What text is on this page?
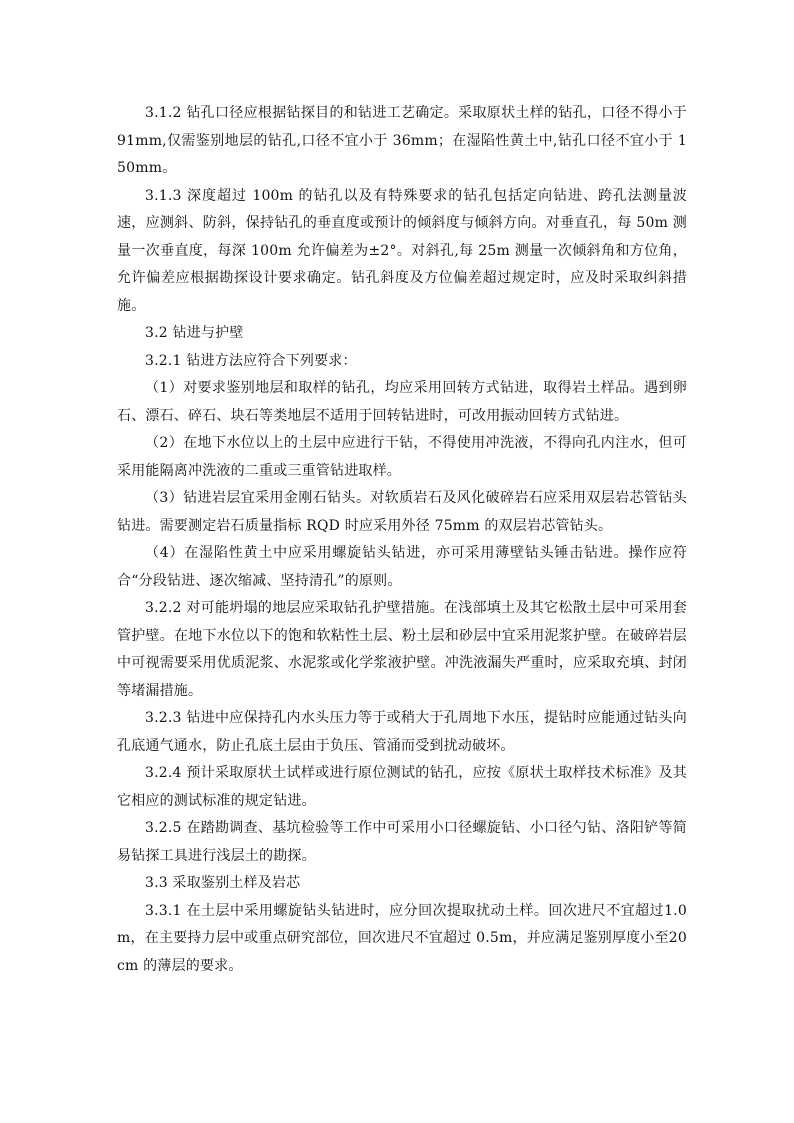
3.1.2 钻孔口径应根据钻探目的和钻进工艺确定。采取原状土样的钻孔，口径不得小于91mm,仅需鉴别地层的钻孔,口径不宜小于 36mm；在湿陷性黄土中,钻孔口径不宜小于 150mm。

3.1.3 深度超过 100m 的钻孔以及有特殊要求的钻孔包括定向钻进、跨孔法测量波速，应测斜、防斜，保持钻孔的垂直度或预计的倾斜度与倾斜方向。对垂直孔，每 50m 测量一次垂直度，每深 100m 允许偏差为±2°。对斜孔,每 25m 测量一次倾斜角和方位角，允许偏差应根据勘探设计要求确定。钻孔斜度及方位偏差超过规定时，应及时采取纠斜措施。

3.2 钻进与护壁

3.2.1 钻进方法应符合下列要求：

（1）对要求鉴别地层和取样的钻孔，均应采用回转方式钻进，取得岩土样品。遇到卵石、漂石、碎石、块石等类地层不适用于回转钻进时，可改用振动回转方式钻进。

（2）在地下水位以上的土层中应进行干钻，不得使用冲洗液，不得向孔内注水，但可采用能隔离冲洗液的二重或三重管钻进取样。

（3）钻进岩层宜采用金刚石钻头。对软质岩石及风化破碎岩石应采用双层岩芯管钻头钻进。需要测定岩石质量指标 RQD 时应采用外径 75mm 的双层岩芯管钻头。

（4）在湿陷性黄土中应采用螺旋钻头钻进，亦可采用薄壁钻头锤击钻进。操作应符合“分段钻进、逐次缩减、坚持清孔”的原则。

3.2.2 对可能坍塌的地层应采取钻孔护壁措施。在浅部填土及其它松散土层中可采用套管护壁。在地下水位以下的饱和软粘性土层、粉土层和砂层中宜采用泥浆护壁。在破碎岩层中可视需要采用优质泥浆、水泥浆或化学浆液护壁。冲洗液漏失严重时，应采取充填、封闭等堵漏措施。

3.2.3 钻进中应保持孔内水头压力等于或稍大于孔周地下水压，提钻时应能通过钻头向孔底通气通水，防止孔底土层由于负压、管涌而受到扰动破坏。

3.2.4 预计采取原状土试样或进行原位测试的钻孔，应按《原状土取样技术标准》及其它相应的测试标准的规定钻进。

3.2.5 在踏勘调查、基坑检验等工作中可采用小口径螺旋钻、小口径勺钻、洛阳铲等简易钻探工具进行浅层土的勘探。

3.3 采取鉴别土样及岩芯

3.3.1 在土层中采用螺旋钻头钻进时，应分回次提取扰动土样。回次进尺不宜超过1.0m，在主要持力层中或重点研究部位，回次进尺不宜超过 0.5m，并应满足鉴别厚度小至20cm 的薄层的要求。
